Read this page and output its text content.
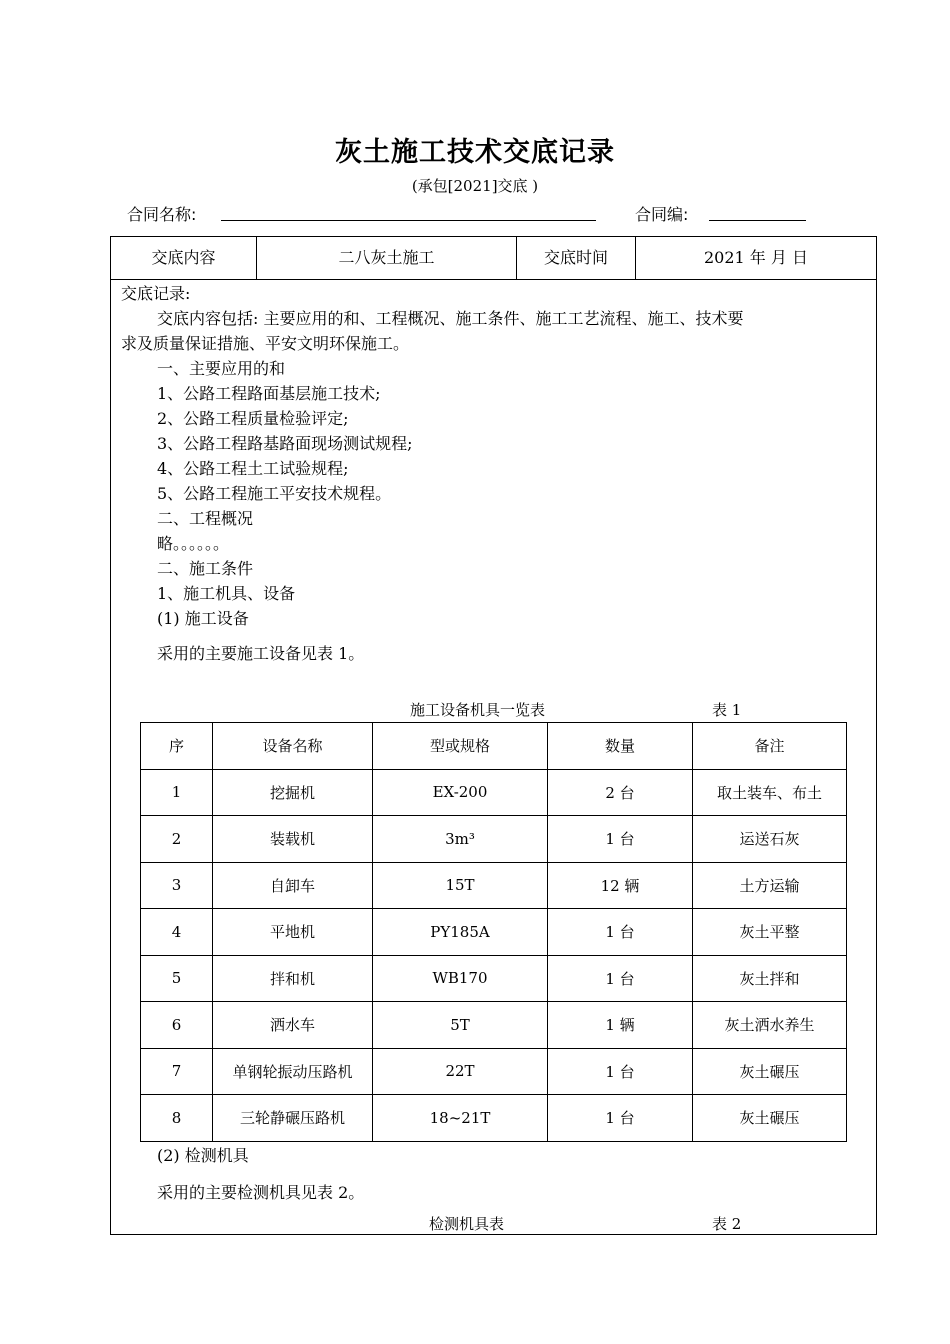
灰土施工技术交底记录
(承包[2021]交底 )
合同名称:	合同编:
交底内容	二八灰土施工	交底时间	2021 年 月 日
交底记录:
交底内容包括: 主要应用的和、工程概况、施工条件、施工工艺流程、施工、技术要
求及质量保证措施、平安文明环保施工。
一、主要应用的和
1、公路工程路面基层施工技术;
2、公路工程质量检验评定;
3、公路工程路基路面现场测试规程;
4、公路工程土工试验规程;
5、公路工程施工平安技术规程。
二、工程概况
略。。。。。。
二、施工条件
1、施工机具、设备
(1) 施工设备
采用的主要施工设备见表 1。
施工设备机具一览表	表 1
序	设备名称	型或规格	数量	备注
1	挖掘机	EX-200	2 台	取土装车、布土
2	装载机	3m³	1 台	运送石灰
3	自卸车	15T	12 辆	土方运输
4	平地机	PY185A	1 台	灰土平整
5	拌和机	WB170	1 台	灰土拌和
6	洒水车	5T	1 辆	灰土洒水养生
7	单钢轮振动压路机	22T	1 台	灰土碾压
8	三轮静碾压路机	18~21T	1 台	灰土碾压
(2) 检测机具
采用的主要检测机具见表 2。
检测机具表	表 2
